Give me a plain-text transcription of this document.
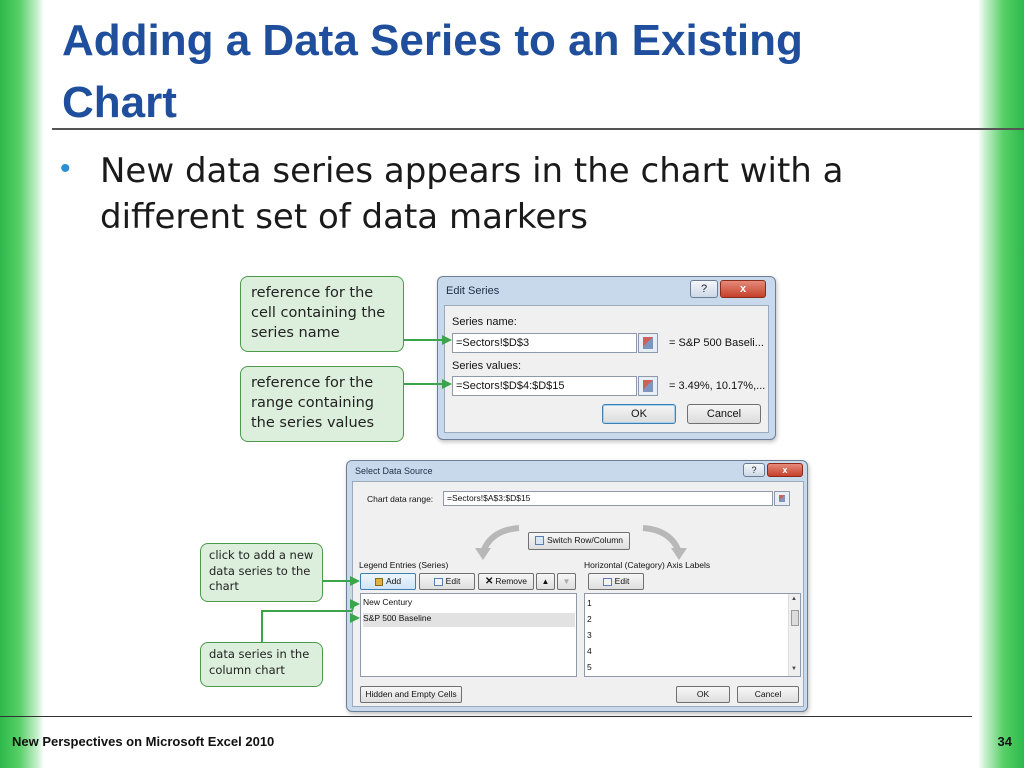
Adding a Data Series to an Existing
Chart
• New data series appears in the chart with a different set of data markers
reference for the cell containing the series name
reference for the range containing the series values
click to add a new data series to the chart
data series in the column chart
Edit Series	?	x
Series name:
=Sectors!$D$3	= S&P 500 Baseli...
Series values:
=Sectors!$D$4:$D$15	= 3.49%, 10.17%,...
OK	Cancel
Select Data Source	?	x
Chart data range:	=Sectors!$A$3:$D$15
Switch Row/Column
Legend Entries (Series)	Horizontal (Category) Axis Labels
Add	Edit	✕ Remove	▲	▼	Edit
New Century
S&P 500 Baseline
1
2
3
4
5
▲
▼
Hidden and Empty Cells	OK	Cancel
New Perspectives on Microsoft Excel 2010	34
